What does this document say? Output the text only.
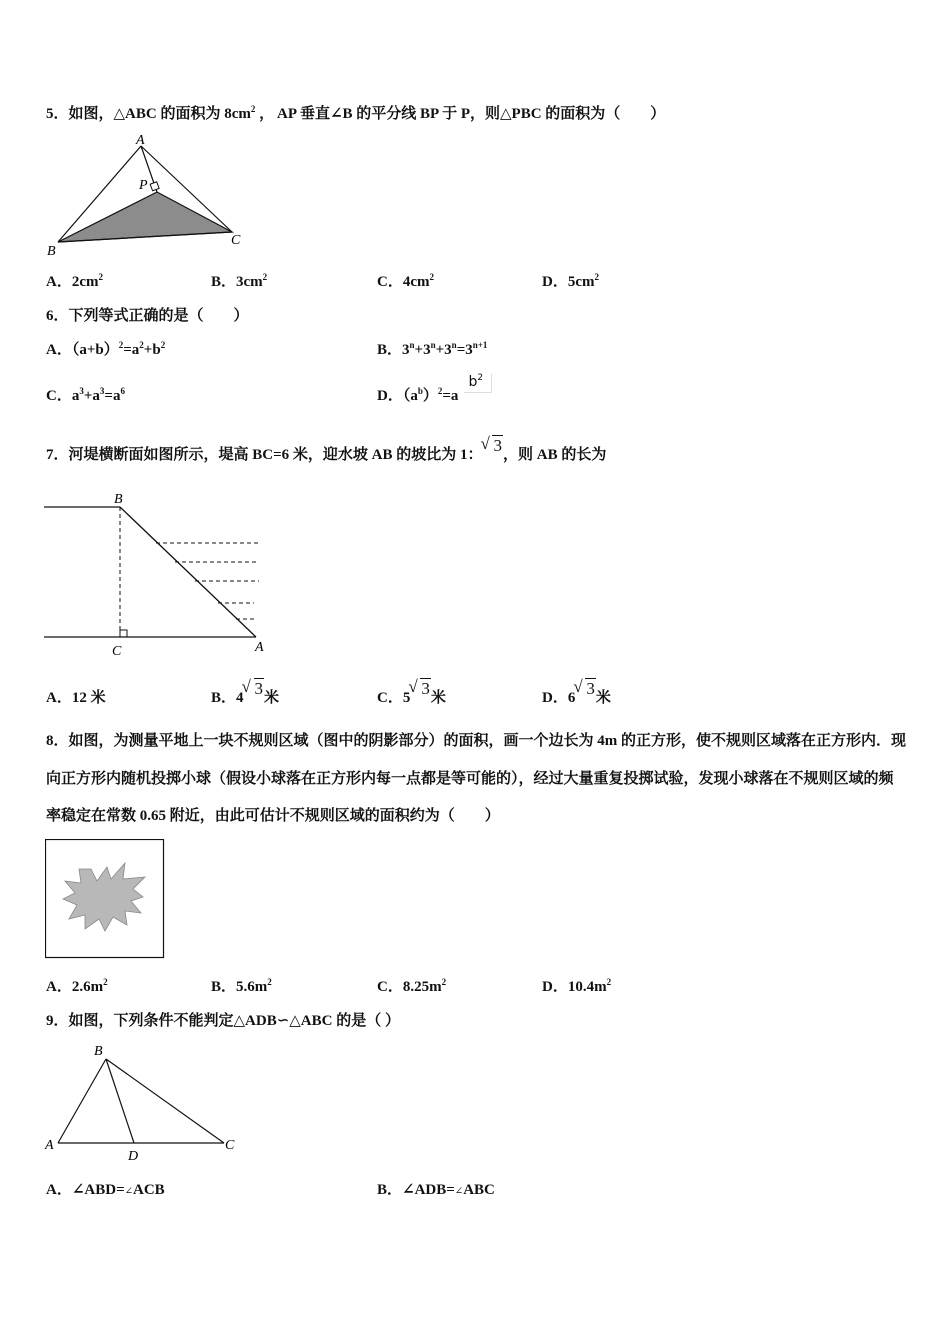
5．如图，△ABC 的面积为 $8cm^2$ ， AP 垂直∠B 的平分线 BP 于 P，则△PBC 的面积为（　　）
A
P
B
C
A．$2cm^2$	B．$3cm^2$	C．$4cm^2$	D．$5cm^2$
6．下列等式正确的是（　　）
A．$(a+b)^2=a^2+b^2$	B．$3^n+3^n+3^n=3^{n+1}$
C．$a^3+a^3=a^6$	D．$(a^b)^2=ab^2$
7．河堤横断面如图所示，堤高 BC=6 米，迎水坡 AB 的坡比为 1： √ 3，则 AB 的长为
B
C	A
A．12 米	B．4 √ 3米	C．5 √ 3米	D．6 √ 3米
8．如图，为测量平地上一块不规则区域（图中的阴影部分）的面积，画一个边长为 4m 的正方形，使不规则区域落在正方形内．现向正方形内随机投掷小球（假设小球落在正方形内每一点都是等可能的），经过大量重复投掷试验，发现小球落在不规则区域的频率稳定在常数 0.65 附近，由此可估计不规则区域的面积约为（　　）
A．$2.6m^2$	B．$5.6m^2$	C．$8.25m^2$	D．$10.4m^2$
9．如图，下列条件不能判定△ADB∽△ABC 的是（ ）
B
A
D
C
A．∠ABD=∠ACB	B．∠ADB=∠ABC
